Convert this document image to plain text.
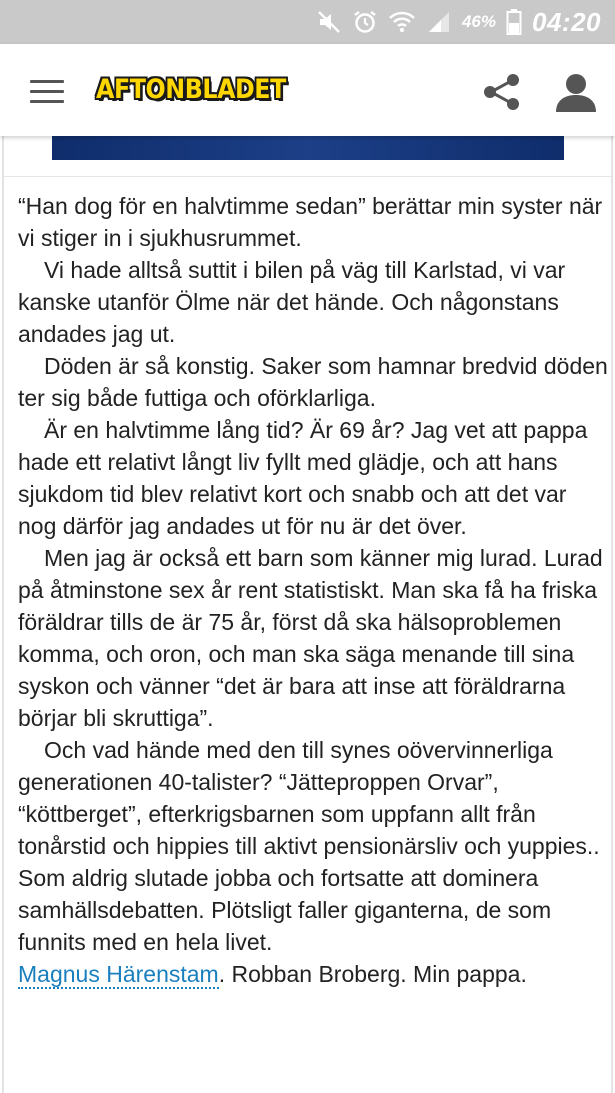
46% 04:20
AFTONBLADET

“Han dog för en halvtimme sedan” berättar min syster när vi stiger in i sjukhusrummet.

Vi hade alltså suttit i bilen på väg till Karlstad, vi var kanske utanför Ölme när det hände. Och någonstans andades jag ut.

Döden är så konstig. Saker som hamnar bredvid döden ter sig både futtiga och oförklarliga.

Är en halvtimme lång tid? Är 69 år? Jag vet att pappa hade ett relativt långt liv fyllt med glädje, och att hans sjukdom tid blev relativt kort och snabb och att det var nog därför jag andades ut för nu är det över.

Men jag är också ett barn som känner mig lurad. Lurad på åtminstone sex år rent statistiskt. Man ska få ha friska föräldrar tills de är 75 år, först då ska hälsoproblemen komma, och oron, och man ska säga menande till sina syskon och vänner “det är bara att inse att föräldrarna börjar bli skruttiga”.

Och vad hände med den till synes oövervinnerliga generationen 40-talister? “Jätteproppen Orvar”, “köttberget”, efterkrigsbarnen som uppfann allt från tonårstid och hippies till aktivt pensionärsliv och yuppies.. Som aldrig slutade jobba och fortsatte att dominera samhällsdebatten. Plötsligt faller giganterna, de som funnits med en hela livet.

Magnus Härenstam. Robban Broberg. Min pappa.
